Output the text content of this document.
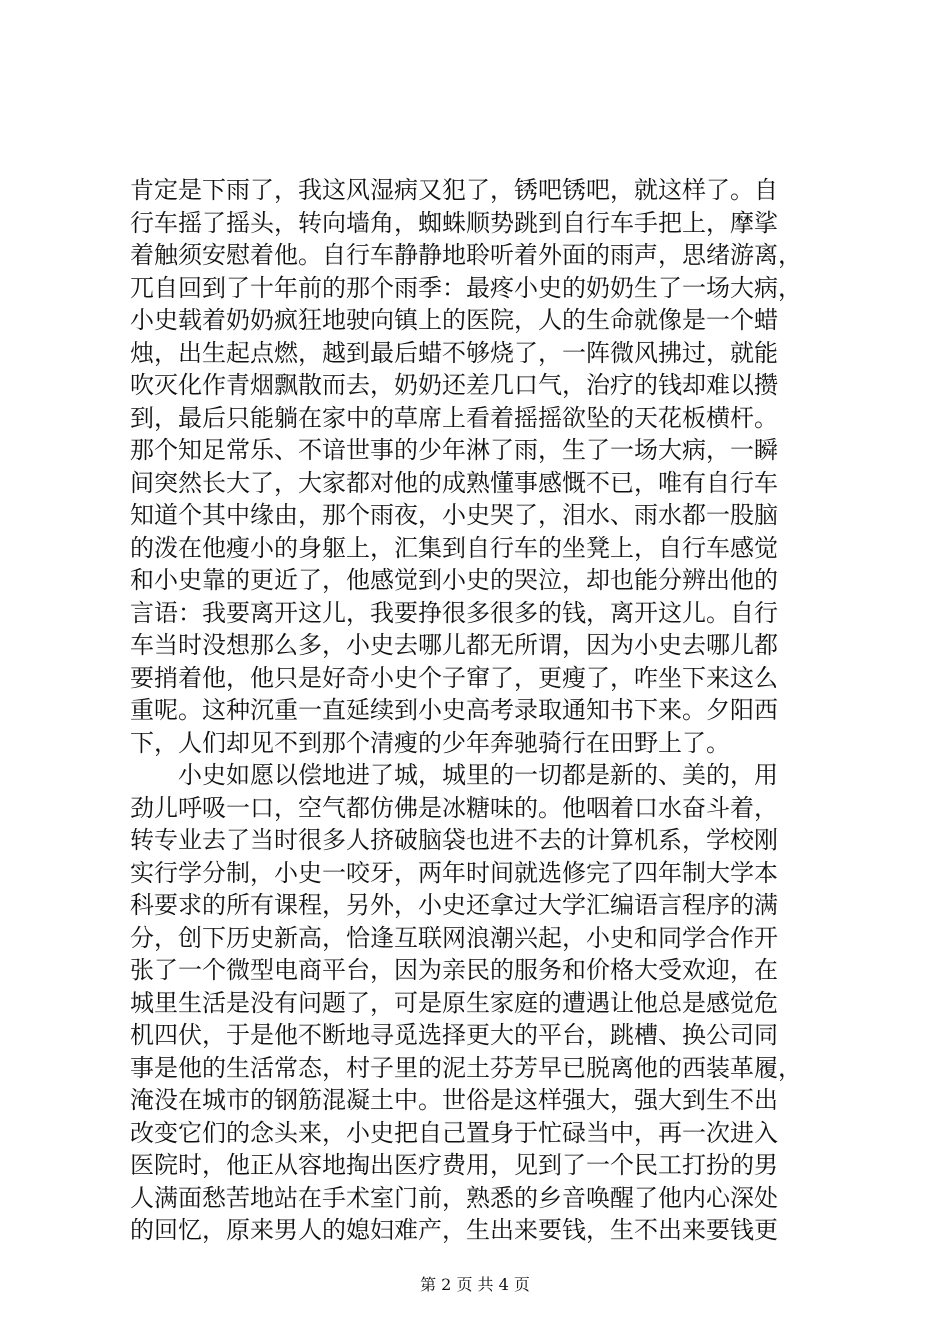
肯定是下雨了，我这风湿病又犯了，锈吧锈吧，就这样了。自
行车摇了摇头，转向墙角，蜘蛛顺势跳到自行车手把上，摩挲
着触须安慰着他。自行车静静地聆听着外面的雨声，思绪游离，
兀自回到了十年前的那个雨季：最疼小史的奶奶生了一场大病，
小史载着奶奶疯狂地驶向镇上的医院，人的生命就像是一个蜡
烛，出生起点燃，越到最后蜡不够烧了，一阵微风拂过，就能
吹灭化作青烟飘散而去，奶奶还差几口气，治疗的钱却难以攒
到，最后只能躺在家中的草席上看着摇摇欲坠的天花板横杆。
那个知足常乐、不谙世事的少年淋了雨，生了一场大病，一瞬
间突然长大了，大家都对他的成熟懂事感慨不已，唯有自行车
知道个其中缘由，那个雨夜，小史哭了，泪水、雨水都一股脑
的泼在他瘦小的身躯上，汇集到自行车的坐凳上，自行车感觉
和小史靠的更近了，他感觉到小史的哭泣，却也能分辨出他的
言语：我要离开这儿，我要挣很多很多的钱，离开这儿。自行
车当时没想那么多，小史去哪儿都无所谓，因为小史去哪儿都
要捎着他，他只是好奇小史个子窜了，更瘦了，咋坐下来这么
重呢。这种沉重一直延续到小史高考录取通知书下来。夕阳西
下，人们却见不到那个清瘦的少年奔驰骑行在田野上了。
　　小史如愿以偿地进了城，城里的一切都是新的、美的，用
劲儿呼吸一口，空气都仿佛是冰糖味的。他咽着口水奋斗着，
转专业去了当时很多人挤破脑袋也进不去的计算机系，学校刚
实行学分制，小史一咬牙，两年时间就选修完了四年制大学本
科要求的所有课程，另外，小史还拿过大学汇编语言程序的满
分，创下历史新高，恰逢互联网浪潮兴起，小史和同学合作开
张了一个微型电商平台，因为亲民的服务和价格大受欢迎，在
城里生活是没有问题了，可是原生家庭的遭遇让他总是感觉危
机四伏，于是他不断地寻觅选择更大的平台，跳槽、换公司同
事是他的生活常态，村子里的泥土芬芳早已脱离他的西装革履，
淹没在城市的钢筋混凝土中。世俗是这样强大，强大到生不出
改变它们的念头来，小史把自己置身于忙碌当中，再一次进入
医院时，他正从容地掏出医疗费用，见到了一个民工打扮的男
人满面愁苦地站在手术室门前，熟悉的乡音唤醒了他内心深处
的回忆，原来男人的媳妇难产，生出来要钱，生不出来要钱更
第 2 页 共 4 页
